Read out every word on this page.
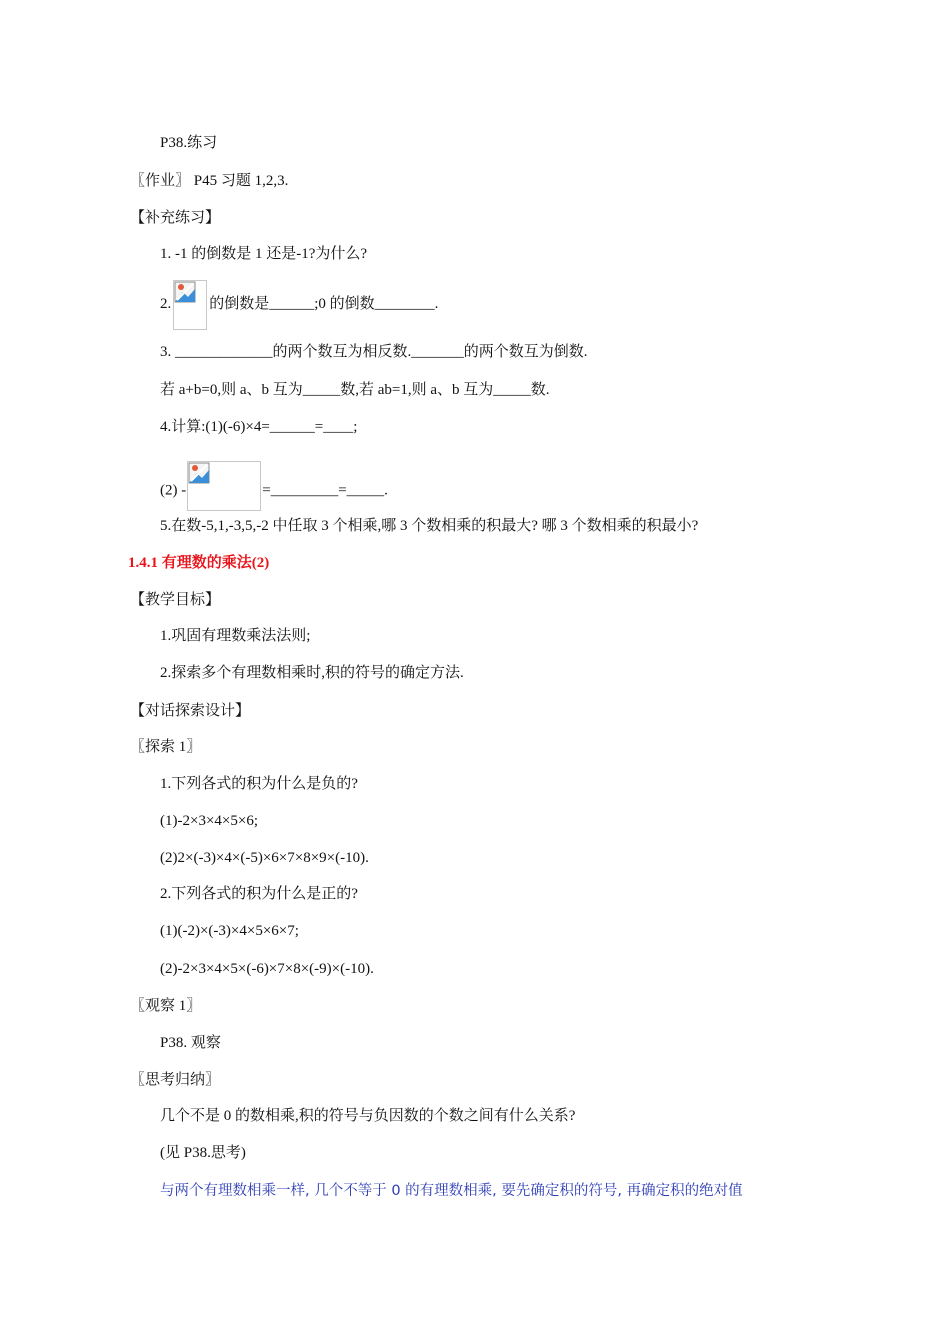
P38.练习
〖作业〗 P45 习题 1,2,3.
【补充练习】
1. -1 的倒数是 1 还是-1?为什么?
2.	的倒数是______;0 的倒数________.
3. _____________的两个数互为相反数._______的两个数互为倒数.
若 a+b=0,则 a、b 互为_____数,若 ab=1,则 a、b 互为_____数.
4.计算:(1)(-6)×4=______=____;
(2) -	=_________=_____.
5.在数-5,1,-3,5,-2 中任取 3 个相乘,哪 3 个数相乘的积最大? 哪 3 个数相乘的积最小?
1.4.1 有理数的乘法(2)
【教学目标】
1.巩固有理数乘法法则;
2.探索多个有理数相乘时,积的符号的确定方法.
【对话探索设计】
〖探索 1〗
1.下列各式的积为什么是负的?
(1)-2×3×4×5×6;
(2)2×(-3)×4×(-5)×6×7×8×9×(-10).
2.下列各式的积为什么是正的?
(1)(-2)×(-3)×4×5×6×7;
(2)-2×3×4×5×(-6)×7×8×(-9)×(-10).
〖观察 1〗
P38. 观察
〖思考归纳〗
几个不是 0 的数相乘,积的符号与负因数的个数之间有什么关系?
(见 P38.思考)
与两个有理数相乘一样, 几个不等于 0 的有理数相乘, 要先确定积的符号, 再确定积的绝对值
